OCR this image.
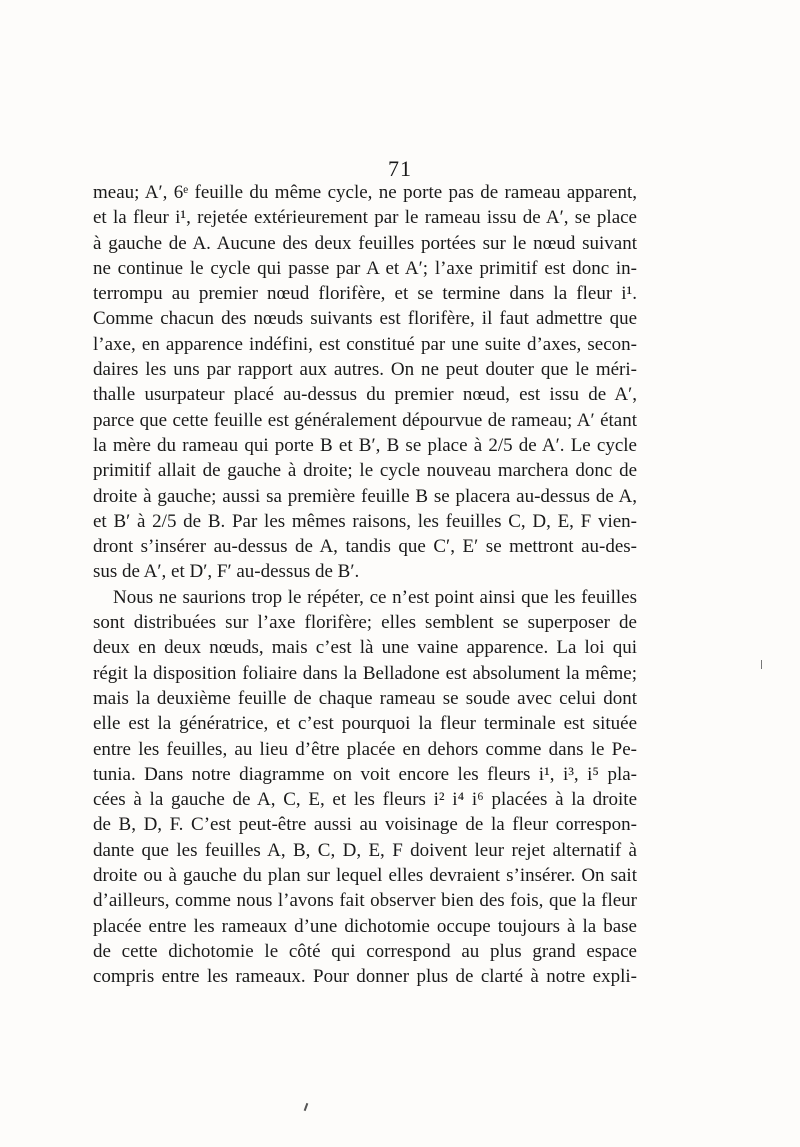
71
meau; A′, 6ᵉ feuille du même cycle, ne porte pas de rameau apparent,
et la fleur i¹, rejetée extérieurement par le rameau issu de A′, se place
à gauche de A. Aucune des deux feuilles portées sur le nœud suivant
ne continue le cycle qui passe par A et A′; l’axe primitif est donc in-
terrompu au premier nœud florifère, et se termine dans la fleur i¹.
Comme chacun des nœuds suivants est florifère, il faut admettre que
l’axe, en apparence indéfini, est constitué par une suite d’axes, secon-
daires les uns par rapport aux autres. On ne peut douter que le méri-
thalle usurpateur placé au-dessus du premier nœud, est issu de A′,
parce que cette feuille est généralement dépourvue de rameau; A′ étant
la mère du rameau qui porte B et B′, B se place à 2/5 de A′. Le cycle
primitif allait de gauche à droite; le cycle nouveau marchera donc de
droite à gauche; aussi sa première feuille B se placera au-dessus de A,
et B′ à 2/5 de B. Par les mêmes raisons, les feuilles C, D, E, F vien-
dront s’insérer au-dessus de A, tandis que C′, E′ se mettront au-des-
sus de A′, et D′, F′ au-dessus de B′.
Nous ne saurions trop le répéter, ce n’est point ainsi que les feuilles
sont distribuées sur l’axe florifère; elles semblent se superposer de
deux en deux nœuds, mais c’est là une vaine apparence. La loi qui
régit la disposition foliaire dans la Belladone est absolument la même;
mais la deuxième feuille de chaque rameau se soude avec celui dont
elle est la génératrice, et c’est pourquoi la fleur terminale est située
entre les feuilles, au lieu d’être placée en dehors comme dans le Pe-
tunia. Dans notre diagramme on voit encore les fleurs i¹, i³, i⁵ pla-
cées à la gauche de A, C, E, et les fleurs i² i⁴ i⁶ placées à la droite
de B, D, F. C’est peut-être aussi au voisinage de la fleur correspon-
dante que les feuilles A, B, C, D, E, F doivent leur rejet alternatif à
droite ou à gauche du plan sur lequel elles devraient s’insérer. On sait
d’ailleurs, comme nous l’avons fait observer bien des fois, que la fleur
placée entre les rameaux d’une dichotomie occupe toujours à la base
de cette dichotomie le côté qui correspond au plus grand espace
compris entre les rameaux. Pour donner plus de clarté à notre expli-
